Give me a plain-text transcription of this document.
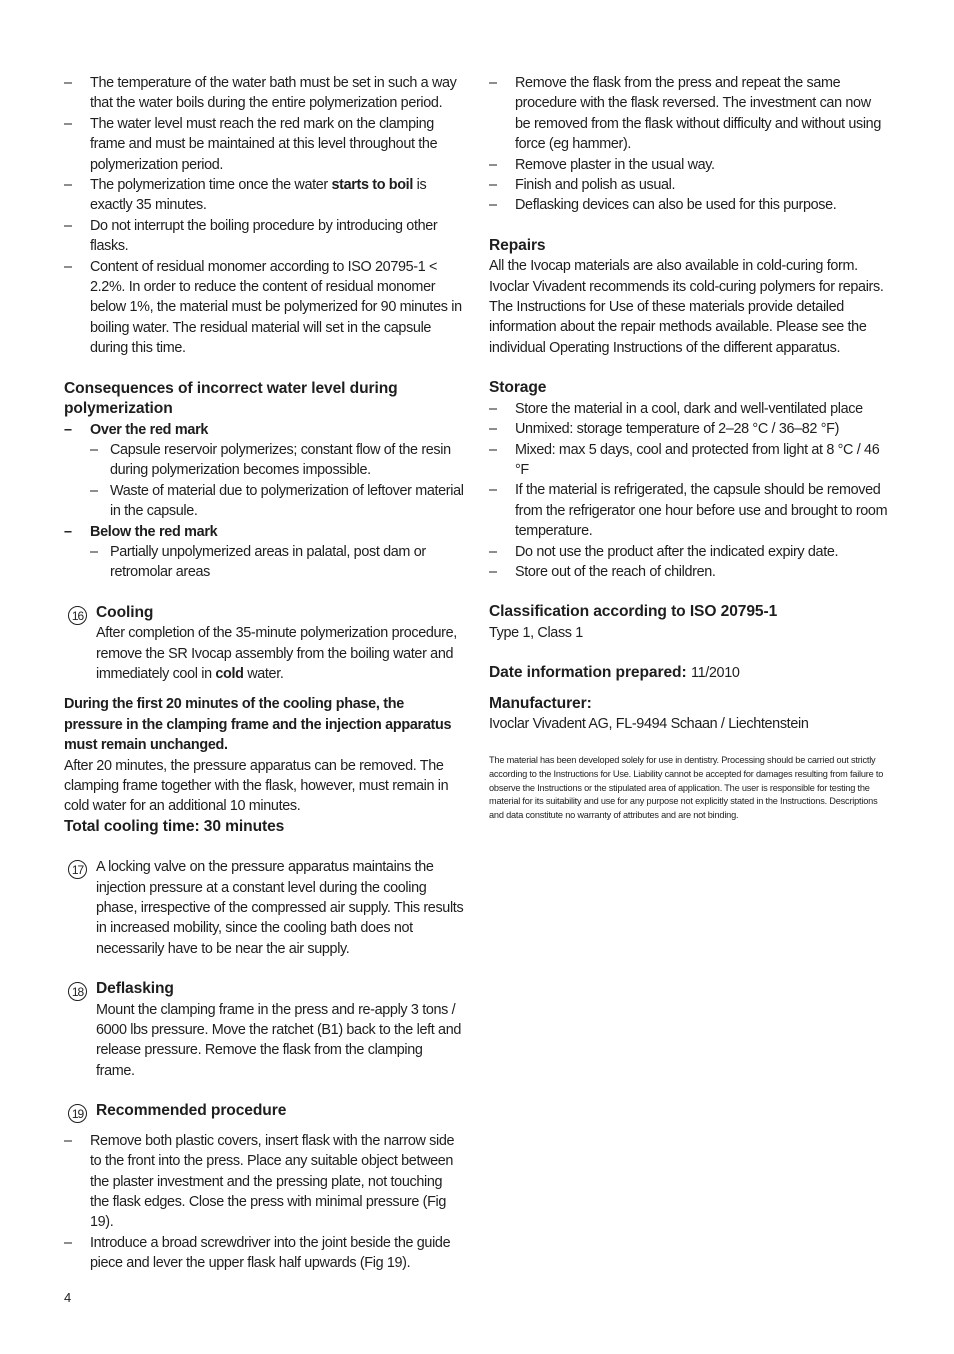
– The temperature of the water bath must be set in such a way that the water boils during the entire polymerization period.

– The water level must reach the red mark on the clamping frame and must be maintained at this level throughout the polymerization period.

– The polymerization time once the water starts to boil is exactly 35 minutes.

– Do not interrupt the boiling procedure by introducing other flasks.

– Content of residual monomer according to ISO 20795-1 < 2.2%. In order to reduce the content of residual monomer below 1%, the material must be polymerized for 90 minutes in boiling water. The residual material will set in the capsule during this time.

Consequences of incorrect water level during polymerization

– Over the red mark

– Capsule reservoir polymerizes; constant flow of the resin during polymerization becomes impossible.

– Waste of material due to polymerization of leftover material in the capsule.

– Below the red mark

– Partially unpolymerized areas in palatal, post dam or retromolar areas

16 Cooling

After completion of the 35-minute polymerization procedure, remove the SR Ivocap assembly from the boiling water and immediately cool in cold water.

During the first 20 minutes of the cooling phase, the pressure in the clamping frame and the injection apparatus must remain unchanged.

After 20 minutes, the pressure apparatus can be removed. The clamping frame together with the flask, however, must remain in cold water for an additional 10 minutes.

Total cooling time: 30 minutes

17 A locking valve on the pressure apparatus maintains the injection pressure at a constant level during the cooling phase, irrespective of the compressed air supply. This results in increased mobility, since the cooling bath does not necessarily have to be near the air supply.

18 Deflasking

Mount the clamping frame in the press and re-apply 3 tons / 6000 lbs pressure. Move the ratchet (B1) back to the left and release pressure. Remove the flask from the clamping frame.

19 Recommended procedure

– Remove both plastic covers, insert flask with the narrow side to the front into the press. Place any suitable object between the plaster investment and the pressing plate, not touching the flask edges. Close the press with minimal pressure (Fig 19).

– Introduce a broad screwdriver into the joint beside the guide piece and lever the upper flask half upwards (Fig 19).

– Remove the flask from the press and repeat the same procedure with the flask reversed. The investment can now be removed from the flask without difficulty and without using force (eg hammer).

– Remove plaster in the usual way.

– Finish and polish as usual.

– Deflasking devices can also be used for this purpose.

Repairs

All the Ivocap materials are also available in cold-curing form. Ivoclar Vivadent recommends its cold-curing polymers for repairs. The Instructions for Use of these materials provide detailed information about the repair methods available. Please see the individual Operating Instructions of the different apparatus.

Storage

– Store the material in a cool, dark and well-ventilated place

– Unmixed: storage temperature of 2–28 °C / 36–82 °F)

– Mixed: max 5 days, cool and protected from light at 8 °C / 46 °F

– If the material is refrigerated, the capsule should be removed from the refrigerator one hour before use and brought to room temperature.

– Do not use the product after the indicated expiry date.

– Store out of the reach of children.

Classification according to ISO 20795-1

Type 1, Class 1

Date information prepared: 11/2010

Manufacturer:

Ivoclar Vivadent AG, FL-9494 Schaan / Liechtenstein

The material has been developed solely for use in dentistry. Processing should be carried out strictly according to the Instructions for Use. Liability cannot be accepted for damages resulting from failure to observe the Instructions or the stipulated area of application. The user is responsible for testing the material for its suitability and use for any purpose not explicitly stated in the Instructions. Descriptions and data constitute no warranty of attributes and are not binding.

4
